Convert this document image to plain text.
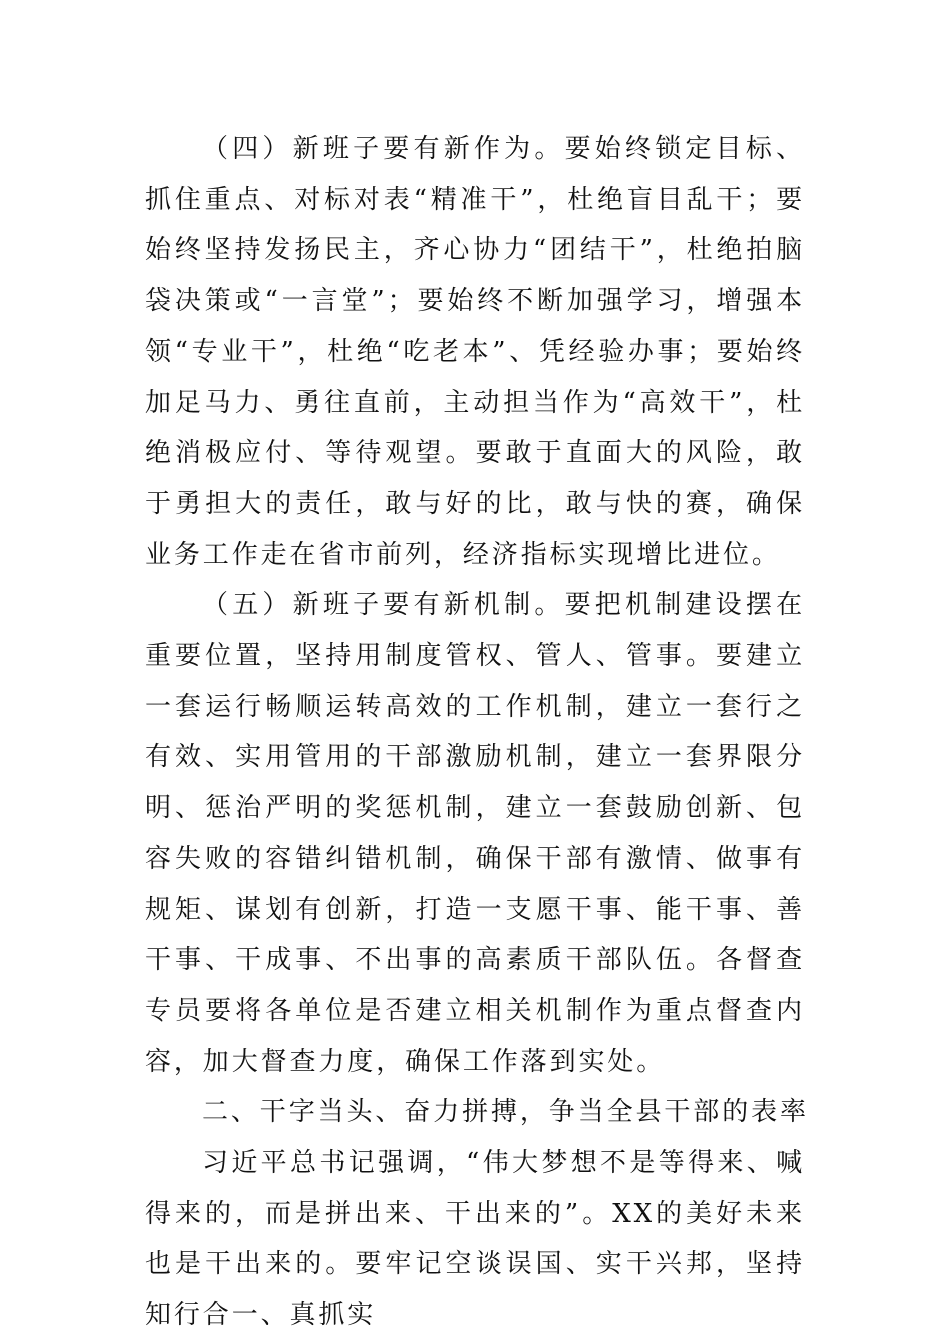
（四）新班子要有新作为。要始终锁定目标、抓住重点、对标对表“精准干”，杜绝盲目乱干；要始终坚持发扬民主，齐心协力“团结干”，杜绝拍脑袋决策或“一言堂”；要始终不断加强学习，增强本领“专业干”，杜绝“吃老本”、凭经验办事；要始终加足马力、勇往直前，主动担当作为“高效干”，杜绝消极应付、等待观望。要敢于直面大的风险，敢于勇担大的责任，敢与好的比，敢与快的赛，确保业务工作走在省市前列，经济指标实现增比进位。

（五）新班子要有新机制。要把机制建设摆在重要位置，坚持用制度管权、管人、管事。要建立一套运行畅顺运转高效的工作机制，建立一套行之有效、实用管用的干部激励机制，建立一套界限分明、惩治严明的奖惩机制，建立一套鼓励创新、包容失败的容错纠错机制，确保干部有激情、做事有规矩、谋划有创新，打造一支愿干事、能干事、善干事、干成事、不出事的高素质干部队伍。各督查专员要将各单位是否建立相关机制作为重点督查内容，加大督查力度，确保工作落到实处。

二、干字当头、奋力拼搏，争当全县干部的表率

习近平总书记强调，“伟大梦想不是等得来、喊得来的，而是拼出来、干出来的”。XX的美好未来也是干出来的。要牢记空谈误国、实干兴邦，坚持知行合一、真抓实
